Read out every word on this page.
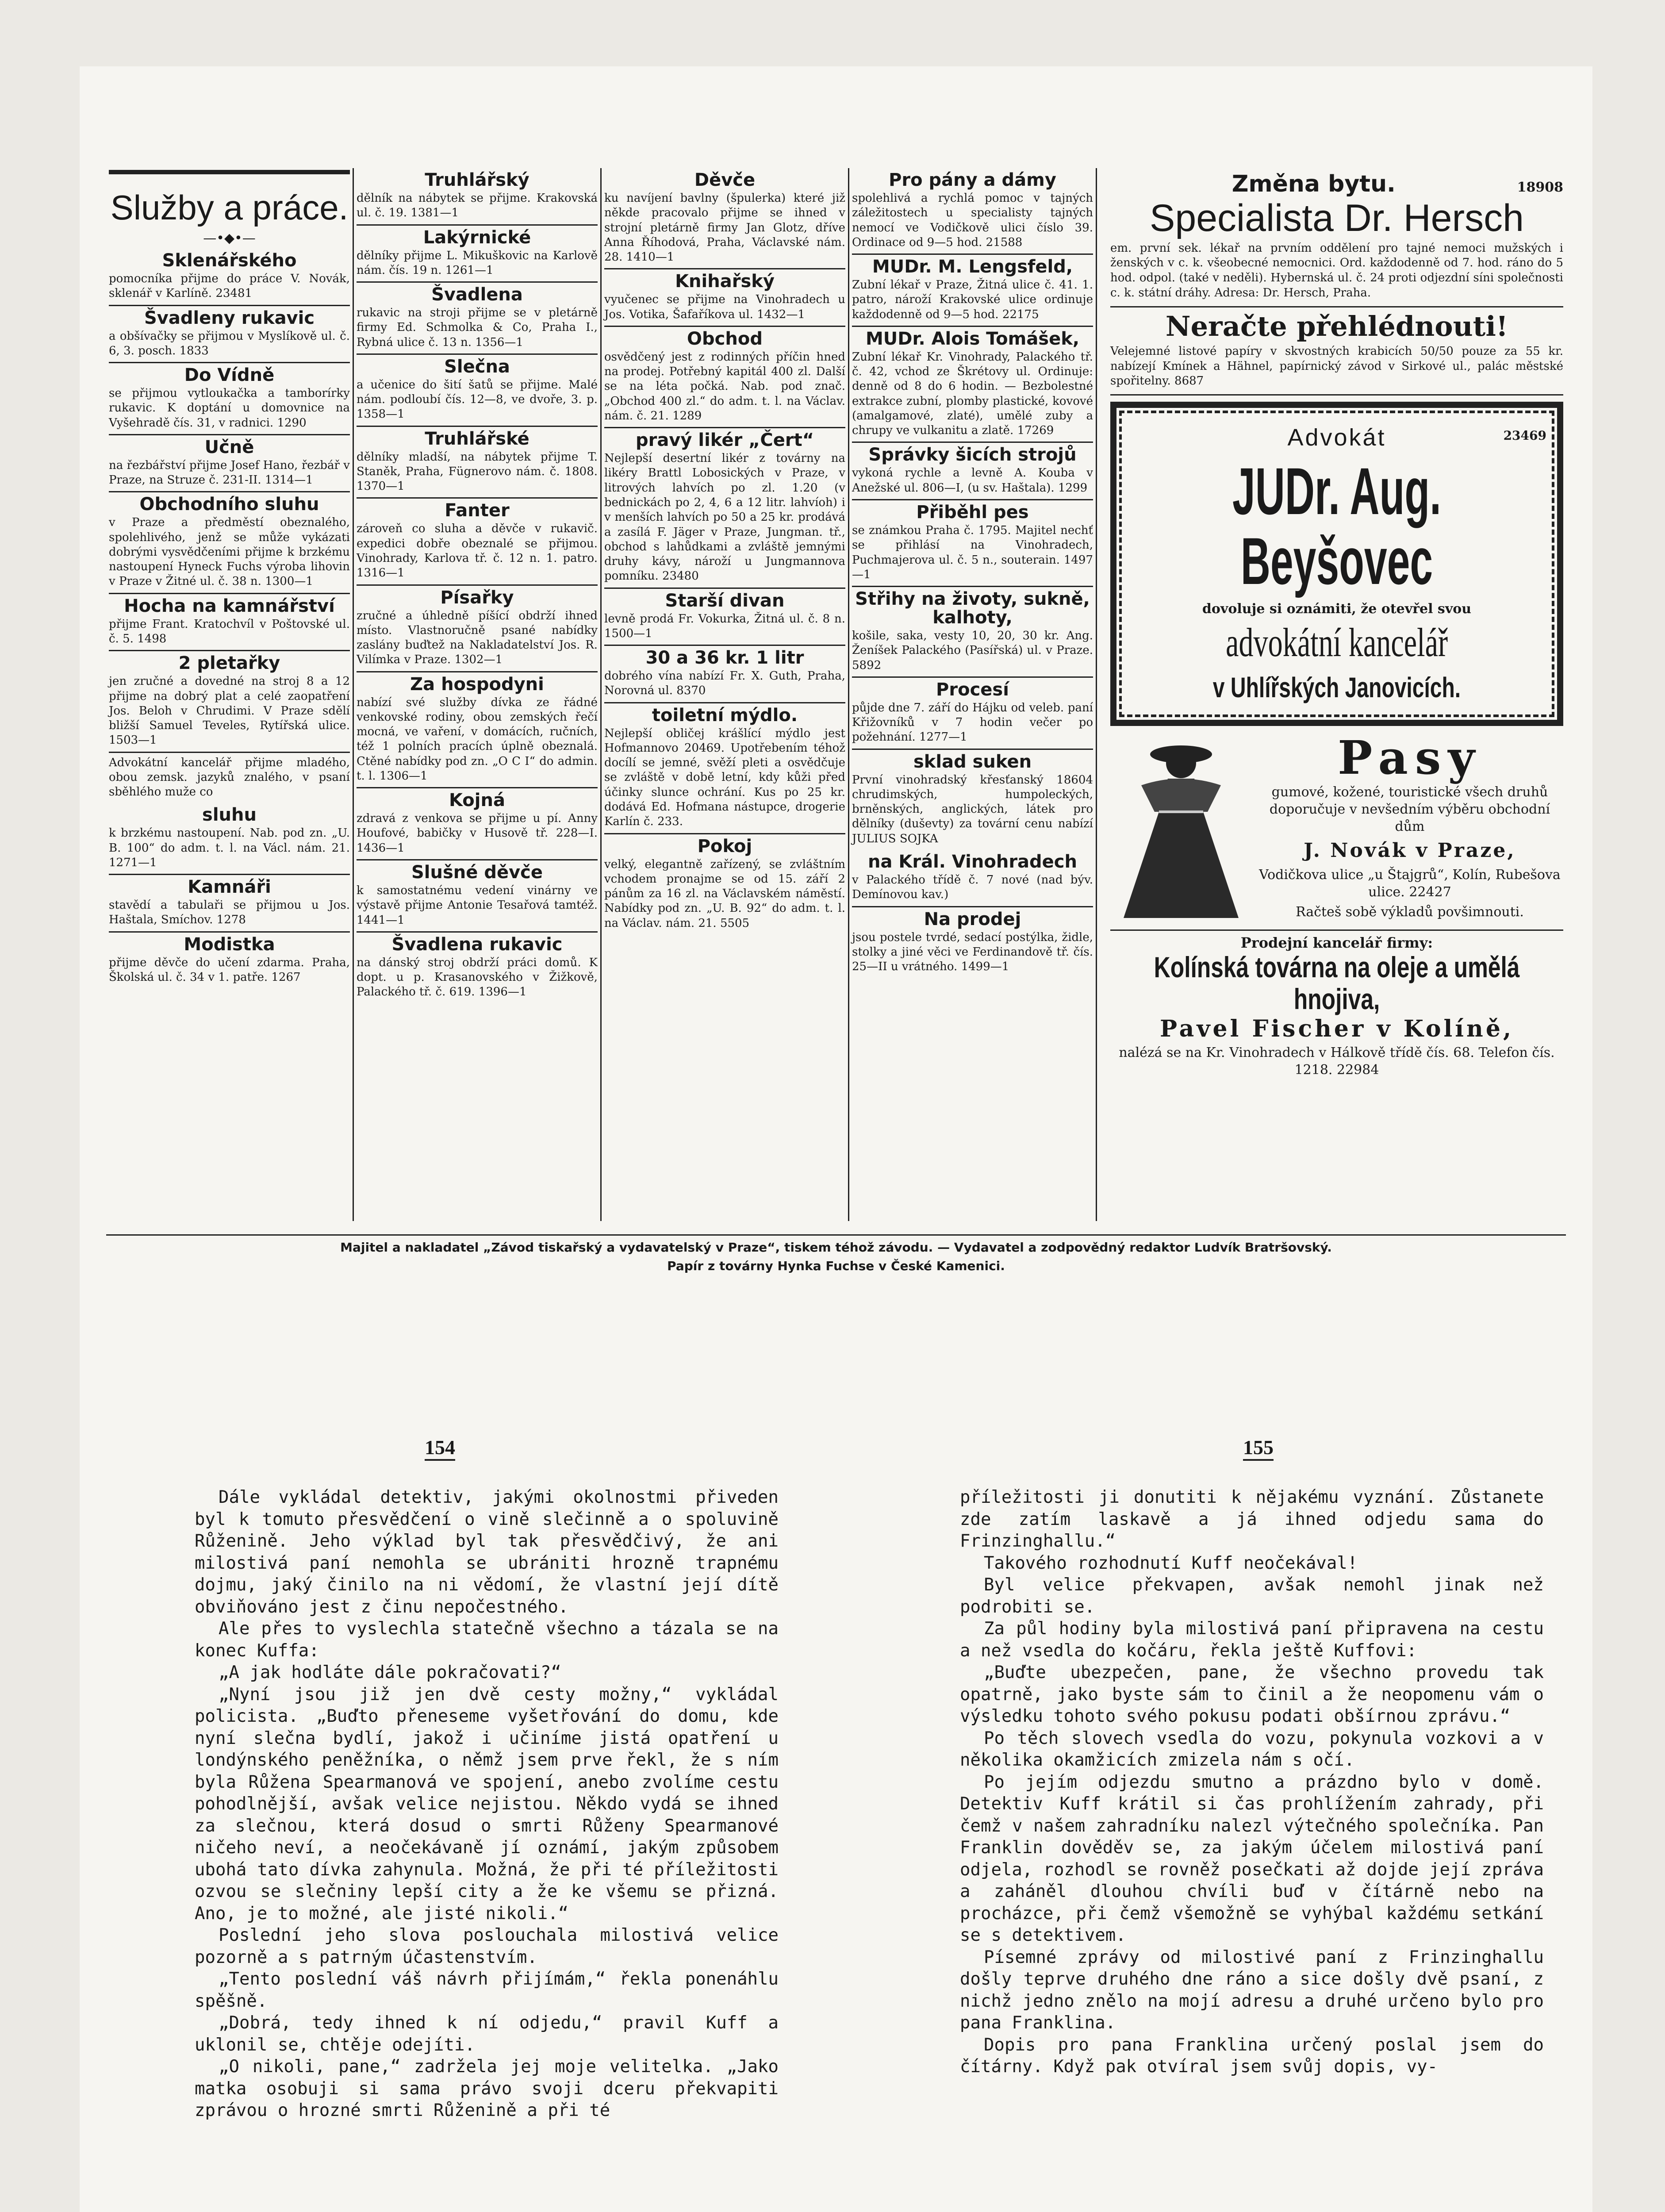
Služby a práce.
—•◆•—
Sklenářského

pomocníka přijme do práce V. Novák, sklenář v Karlíně. 23481

Švadleny rukavic

a obšívačky se přijmou v Myslíkově ul. č. 6, 3. posch. 1833

Do Vídně

se přijmou vytloukačka a tamborírky rukavic. K doptání u domovnice na Vyšehradě čís. 31, v radnici. 1290

Učně

na řezbářství přijme Josef Hano, řezbář v Praze, na Struze č. 231-II. 1314—1

Obchodního sluhu

v Praze a předměstí obeznalého, spolehlivého, jenž se může vykázati dobrými vysvědčeními přijme k brzkému nastoupení Hyneck Fuchs výroba lihovin v Praze v Žitné ul. č. 38 n. 1300—1

Hocha na kamnářství

přijme Frant. Kratochvíl v Poštovské ul. č. 5. 1498

2 pletařky

jen zručné a dovedné na stroj 8 a 12 přijme na dobrý plat a celé zaopatření Jos. Beloh v Chrudimi. V Praze sdělí bližší Samuel Teveles, Rytířská ulice. 1503—1

Advokátní kancelář přijme mladého, obou zemsk. jazyků znalého, v psaní sběhlého muže co

sluhu

k brzkému nastoupení. Nab. pod zn. „U. B. 100“ do adm. t. l. na Václ. nám. 21. 1271—1

Kamnáři

stavědí a tabulaři se přijmou u Jos. Haštala, Smíchov. 1278

Modistka

přijme děvče do učení zdarma. Praha, Školská ul. č. 34 v 1. patře. 1267

Truhlářský

dělník na nábytek se přijme. Krakovská ul. č. 19. 1381—1

Lakýrnické

dělníky přijme L. Mikuškovic na Karlově nám. čís. 19 n. 1261—1

Švadlena

rukavic na stroji přijme se v pletárně firmy Ed. Schmolka & Co, Praha I., Rybná ulice č. 13 n. 1356—1

Slečna

a učenice do šití šatů se přijme. Malé nám. podloubí čís. 12—8, ve dvoře, 3. p. 1358—1

Truhlářské

dělníky mladší, na nábytek přijme T. Staněk, Praha, Fügnerovo nám. č. 1808. 1370—1

Fanter

zároveň co sluha a děvče v rukavič. expedici dobře obeznalé se přijmou. Vinohrady, Karlova tř. č. 12 n. 1. patro. 1316—1

Písařky

zručné a úhledně píšící obdrží ihned místo. Vlastnoručně psané nabídky zaslány buďtež na Nakladatelství Jos. R. Vilímka v Praze. 1302—1

Za hospodyni

nabízí své služby dívka ze řádné venkovské rodiny, obou zemských řečí mocná, ve vaření, v domácích, ručních, též 1 polních pracích úplně obeznalá. Ctěné nabídky pod zn. „O C I“ do admin. t. l. 1306—1

Kojná

zdravá z venkova se přijme u pí. Anny Houfové, babičky v Husově tř. 228—I. 1436—1

Slušné děvče

k samostatnému vedení vinárny ve výstavě přijme Antonie Tesařová tamtéž. 1441—1

Švadlena rukavic

na dánský stroj obdrží práci domů. K dopt. u p. Krasanovského v Žižkově, Palackého tř. č. 619. 1396—1

Děvče

ku navíjení bavlny (špulerka) které již někde pracovalo přijme se ihned v strojní pletárně firmy Jan Glotz, dříve Anna Říhodová, Praha, Václavské nám. 28. 1410—1

Knihařský

vyučenec se přijme na Vinohradech u Jos. Votika, Šafaříkova ul. 1432—1

Obchod

osvědčený jest z rodinných příčin hned na prodej. Potřebný kapitál 400 zl. Další se na léta počká. Nab. pod znač. „Obchod 400 zl.“ do adm. t. l. na Václav. nám. č. 21. 1289

pravý likér „Čert“

Nejlepší desertní likér z továrny na likéry Brattl Lobosických v Praze, v litrových lahvích po zl. 1.20 (v bednickách po 2, 4, 6 a 12 litr. lahvíoh) i v menších lahvích po 50 a 25 kr. prodává a zasílá F. Jäger v Praze, Jungman. tř., obchod s lahůdkami a zvláště jemnými druhy kávy, nároží u Jungmannova pomníku. 23480

Starší divan

levně prodá Fr. Vokurka, Žitná ul. č. 8 n. 1500—1

30 a 36 kr. 1 litr

dobrého vína nabízí Fr. X. Guth, Praha, Norovná ul. 8370

toiletní mýdlo.

Nejlepší obličej krášlící mýdlo jest Hofmannovo 20469. Upotřebením téhož docílí se jemné, svěží pleti a osvědčuje se zvláště v době letní, kdy kůži před účinky slunce ochrání. Kus po 25 kr. dodává Ed. Hofmana nástupce, drogerie Karlín č. 233.

Pokoj

velký, elegantně zařízený, se zvláštním vchodem pronajme se od 15. září 2 pánům za 16 zl. na Václavském náměstí. Nabídky pod zn. „U. B. 92“ do adm. t. l. na Václav. nám. 21. 5505

Pro pány a dámy

spolehlivá a rychlá pomoc v tajných záležitostech u specialisty tajných nemocí ve Vodičkově ulici číslo 39. Ordinace od 9—5 hod. 21588

MUDr. M. Lengsfeld,

Zubní lékař v Praze, Žitná ulice č. 41. 1. patro, nároží Krakovské ulice ordinuje každodenně od 9—5 hod. 22175

MUDr. Alois Tomášek,

Zubní lékař Kr. Vinohrady, Palackého tř. č. 42, vchod ze Škrétovy ul. Ordinuje: denně od 8 do 6 hodin. — Bezbolestné extrakce zubní, plomby plastické, kovové (amalgamové, zlaté), umělé zuby a chrupy ve vulkanitu a zlatě. 17269

Správky šicích strojů

vykoná rychle a levně A. Kouba v Anežské ul. 806—I, (u sv. Haštala). 1299

Přiběhl pes

se známkou Praha č. 1795. Majitel nechť se přihlásí na Vinohradech, Puchmajerova ul. č. 5 n., souterain. 1497—1

Střihy na životy, sukně, kalhoty,

košile, saka, vesty 10, 20, 30 kr. Ang. Ženíšek Palackého (Pasířská) ul. v Praze. 5892

Procesí

půjde dne 7. září do Hájku od veleb. paní Křižovníků v 7 hodin večer po požehnání. 1277—1

sklad suken

První vinohradský křesťanský 18604 chrudimských, humpoleckých, brněnských, anglických, látek pro dělníky (duševty) za tovární cenu nabízí JULIUS SOJKA

na Král. Vinohradech

v Palackého třídě č. 7 nové (nad býv. Demínovou kav.)

Na prodej

jsou postele tvrdé, sedací postýlka, židle, stolky a jiné věci ve Ferdinandově tř. čís. 25—II u vrátného. 1499—1

Změna bytu.	18908
Specialista Dr. Hersch

em. první sek. lékař na prvním oddělení pro tajné nemoci mužských i ženských v c. k. všeobecné nemocnici. Ord. každodenně od 7. hod. ráno do 5 hod. odpol. (také v neděli). Hybernská ul. č. 24 proti odjezdní síni společnosti c. k. státní dráhy. Adresa: Dr. Hersch, Praha.

Neračte přehlédnouti!

Velejemné listové papíry v skvostných krabicích 50/50 pouze za 55 kr. nabízejí Kmínek a Hähnel, papírnický závod v Sirkové ul., palác městské spořitelny. 8687

Advokát	23469
JUDr. Aug. Beyšovec
dovoluje si oznámiti, že otevřel svou
advokátní kancelář
v Uhlířských Janovicích.
Pasy

gumové, kožené, touristické všech druhů doporučuje v nevšedním výběru obchodní dům

J. Novák v Praze,

Vodičkova ulice „u Štajgrů“, Kolín, Rubešova ulice. 22427

Račteš sobě výkladů povšimnouti.

Prodejní kancelář firmy:
Kolínská továrna na oleje a umělá hnojiva,
Pavel Fischer v Kolíně,

nalézá se na Kr. Vinohradech v Hálkově třídě čís. 68. Telefon čís. 1218. 22984

Majitel a nakladatel „Závod tiskařský a vydavatelský v Praze“, tiskem téhož závodu. — Vydavatel a zodpovědný redaktor Ludvík Bratršovský.
Papír z továrny Hynka Fuchse v České Kamenici.
154	155

Dále vykládal detektiv, jakými okolnostmi přiveden byl k tomuto přesvědčení o vině slečinně a o spoluvině Růženině. Jeho výklad byl tak přesvědčivý, že ani milostivá paní nemohla se ubrániti hrozně trapnému dojmu, jaký činilo na ni vědomí, že vlastní její dítě obviňováno jest z činu nepočestného.

Ale přes to vyslechla statečně všechno a tázala se na konec Kuffa:

„A jak hodláte dále pokračovati?“

„Nyní jsou již jen dvě cesty možny,“ vykládal policista. „Buďto přeneseme vyšetřování do domu, kde nyní slečna bydlí, jakož i učiníme jistá opatření u londýnského peněžníka, o němž jsem prve řekl, že s ním byla Růžena Spearmanová ve spojení, anebo zvolíme cestu pohodlnější, avšak velice nejistou. Někdo vydá se ihned za slečnou, která dosud o smrti Růženy Spearmanové ničeho neví, a neočekávaně jí oznámí, jakým způsobem ubohá tato dívka zahynula. Možná, že při té příležitosti ozvou se slečniny lepší city a že ke všemu se přizná. Ano, je to možné, ale jisté nikoli.“

Poslední jeho slova poslouchala milostivá velice pozorně a s patrným účastenstvím.

„Tento poslední váš návrh přijímám,“ řekla ponenáhlu spěšně.

„Dobrá, tedy ihned k ní odjedu,“ pravil Kuff a uklonil se, chtěje odejíti.

„O nikoli, pane,“ zadržela jej moje velitelka. „Jako matka osobuji si sama právo svoji dceru překvapiti zprávou o hrozné smrti Růženině a při té

příležitosti ji donutiti k nějakému vyznání. Zůstanete zde zatím laskavě a já ihned odjedu sama do Frinzinghallu.“

Takového rozhodnutí Kuff neočekával!

Byl velice překvapen, avšak nemohl jinak než podrobiti se.

Za půl hodiny byla milostivá paní připravena na cestu a než vsedla do kočáru, řekla ještě Kuffovi:

„Buďte ubezpečen, pane, že všechno provedu tak opatrně, jako byste sám to činil a že neopomenu vám o výsledku tohoto svého pokusu podati obšírnou zprávu.“

Po těch slovech vsedla do vozu, pokynula vozkovi a v několika okamžicích zmizela nám s očí.

Po jejím odjezdu smutno a prázdno bylo v domě. Detektiv Kuff krátil si čas prohlížením zahrady, při čemž v našem zahradníku nalezl výtečného společníka. Pan Franklin dověděv se, za jakým účelem milostivá paní odjela, rozhodl se rovněž posečkati až dojde její zpráva a zaháněl dlouhou chvíli buď v čítárně nebo na procházce, při čemž všemožně se vyhýbal každému setkání se s detektivem.

Písemné zprávy od milostivé paní z Frinzinghallu došly teprve druhého dne ráno a sice došly dvě psaní, z nichž jedno znělo na mojí adresu a druhé určeno bylo pro pana Franklina.

Dopis pro pana Franklina určený poslal jsem do čítárny. Když pak otvíral jsem svůj dopis, vy-
